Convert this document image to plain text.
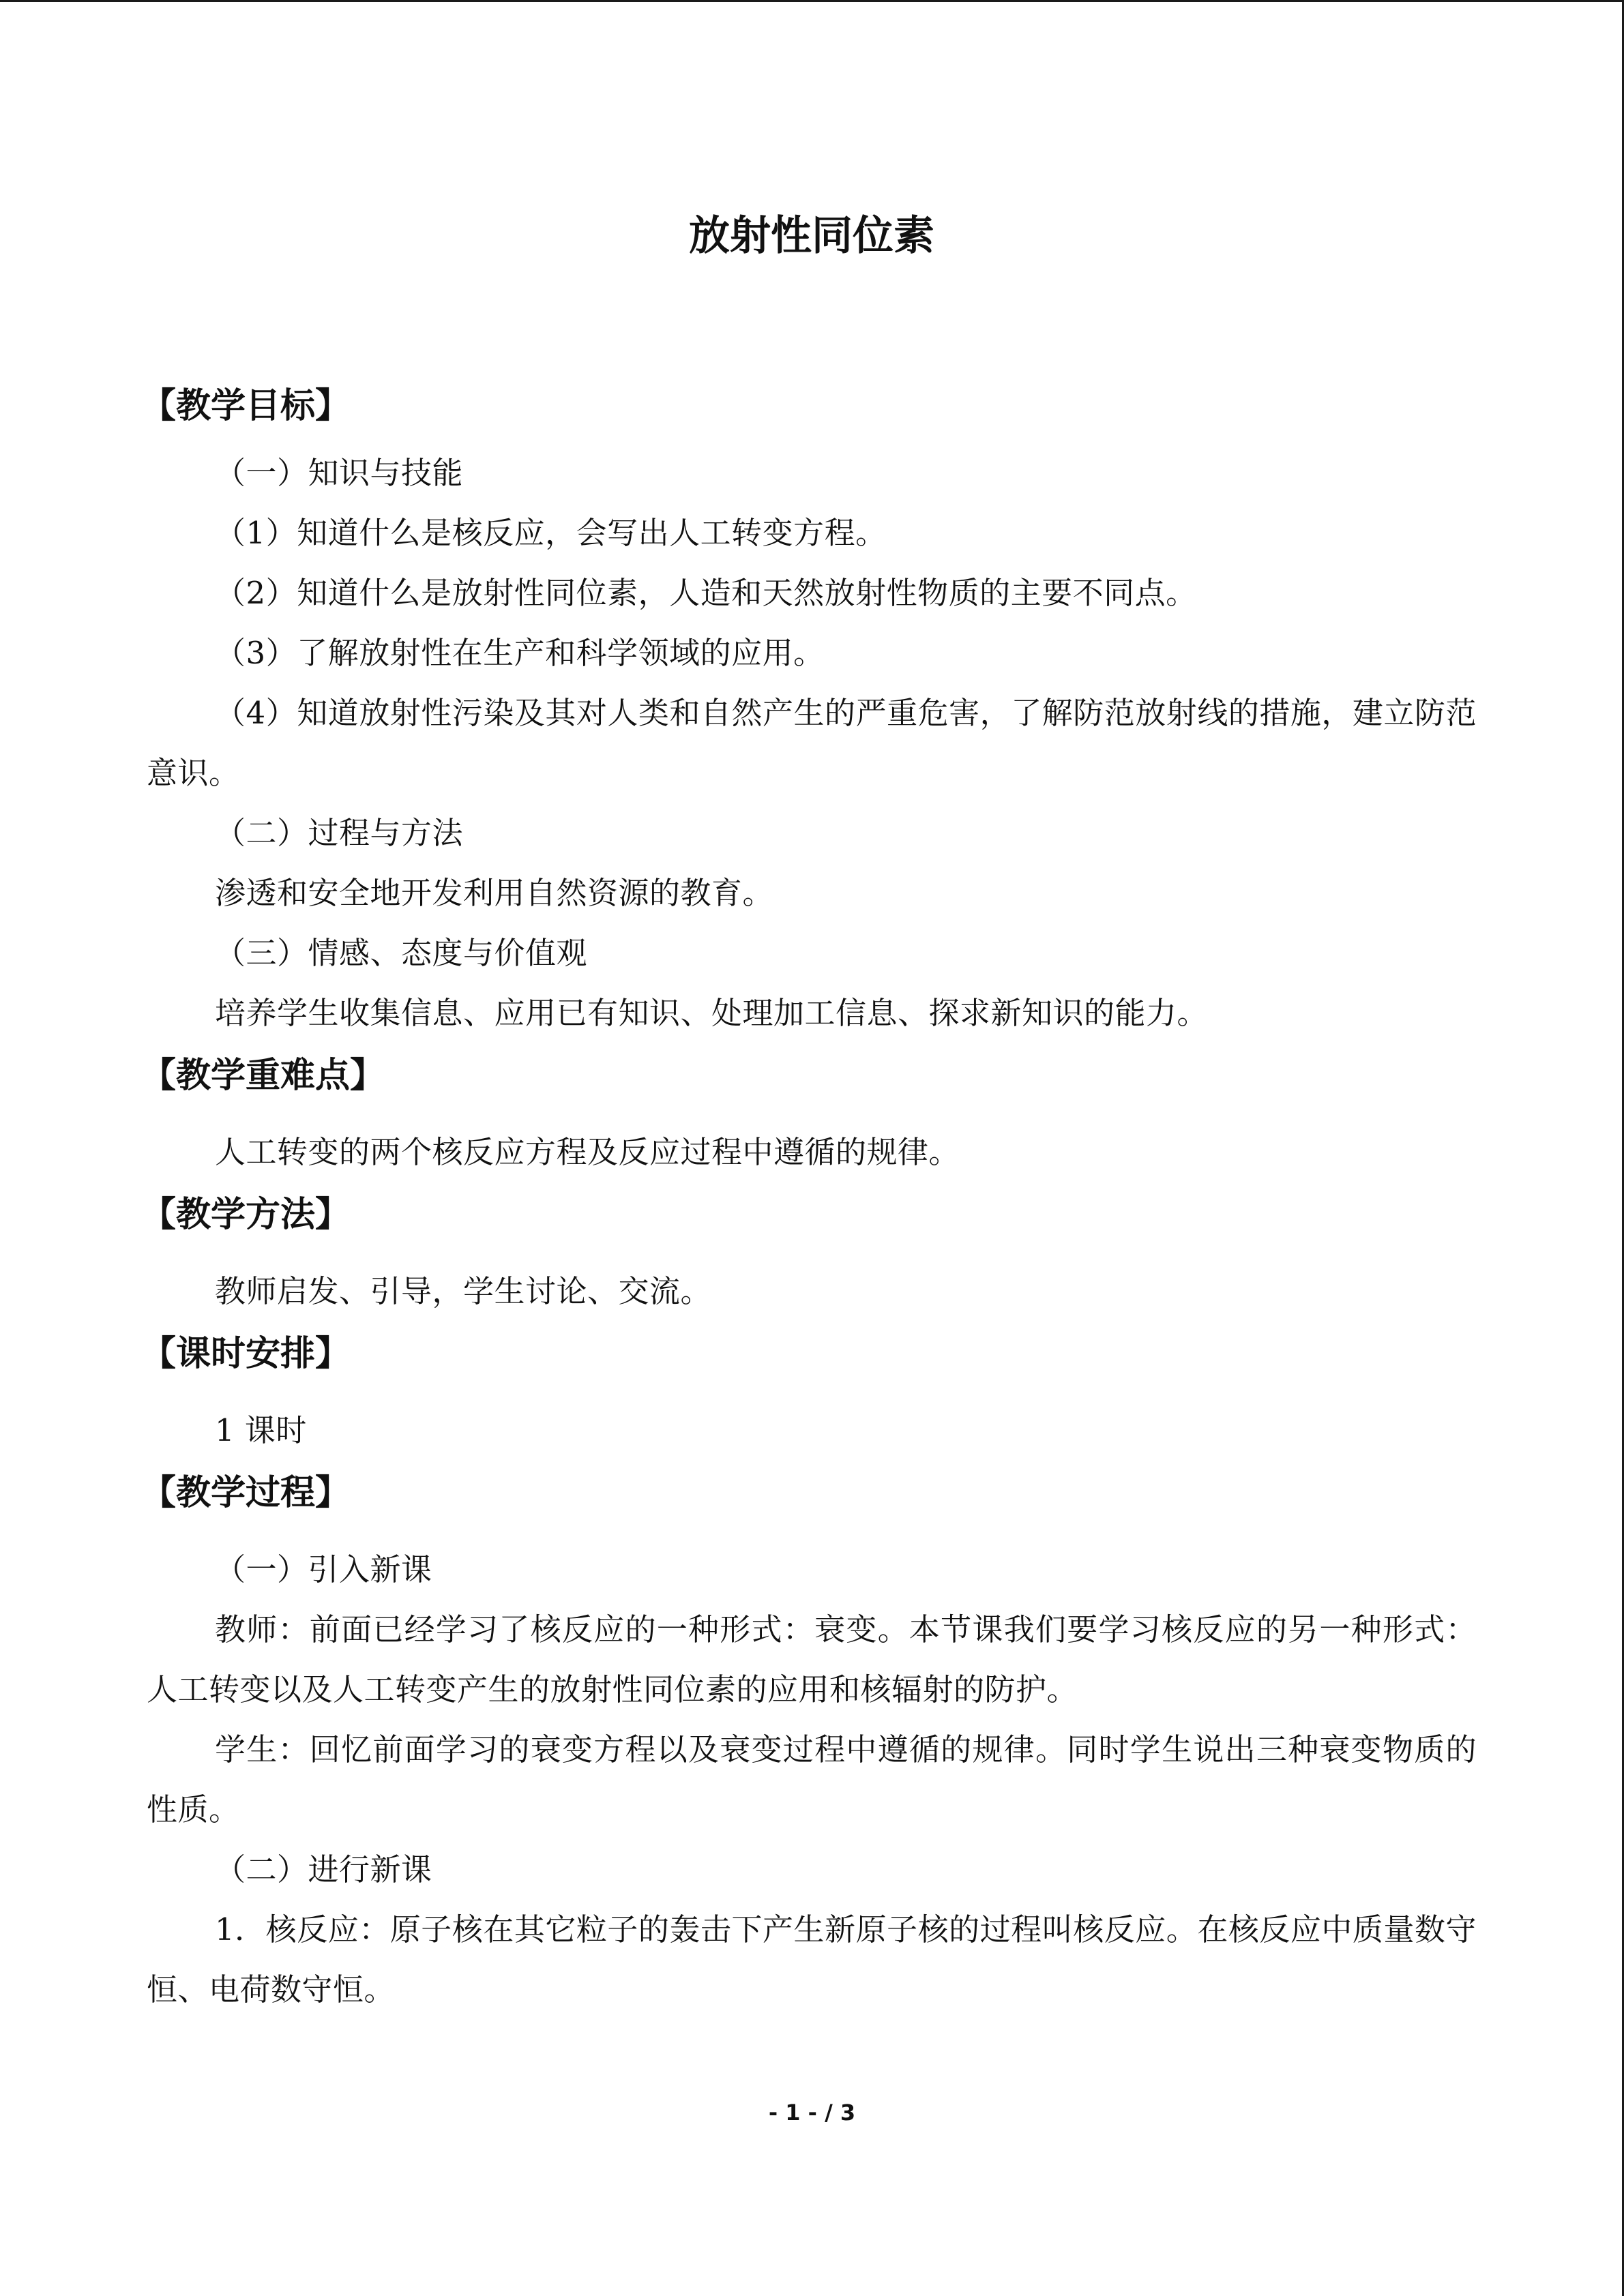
放射性同位素
【教学目标】

（一）知识与技能

（1）知道什么是核反应，会写出人工转变方程。

（2）知道什么是放射性同位素，人造和天然放射性物质的主要不同点。

（3）了解放射性在生产和科学领域的应用。

（4）知道放射性污染及其对人类和自然产生的严重危害，了解防范放射线的措施，建立防范意识。

（二）过程与方法

渗透和安全地开发利用自然资源的教育。

（三）情感、态度与价值观

培养学生收集信息、应用已有知识、处理加工信息、探求新知识的能力。

【教学重难点】

人工转变的两个核反应方程及反应过程中遵循的规律。

【教学方法】

教师启发、引导，学生讨论、交流。

【课时安排】

1 课时

【教学过程】

（一）引入新课

教师：前面已经学习了核反应的一种形式：衰变。本节课我们要学习核反应的另一种形式：人工转变以及人工转变产生的放射性同位素的应用和核辐射的防护。

学生：回忆前面学习的衰变方程以及衰变过程中遵循的规律。同时学生说出三种衰变物质的性质。

（二）进行新课

1．核反应：原子核在其它粒子的轰击下产生新原子核的过程叫核反应。在核反应中质量数守恒、电荷数守恒。

- 1 - / 3
